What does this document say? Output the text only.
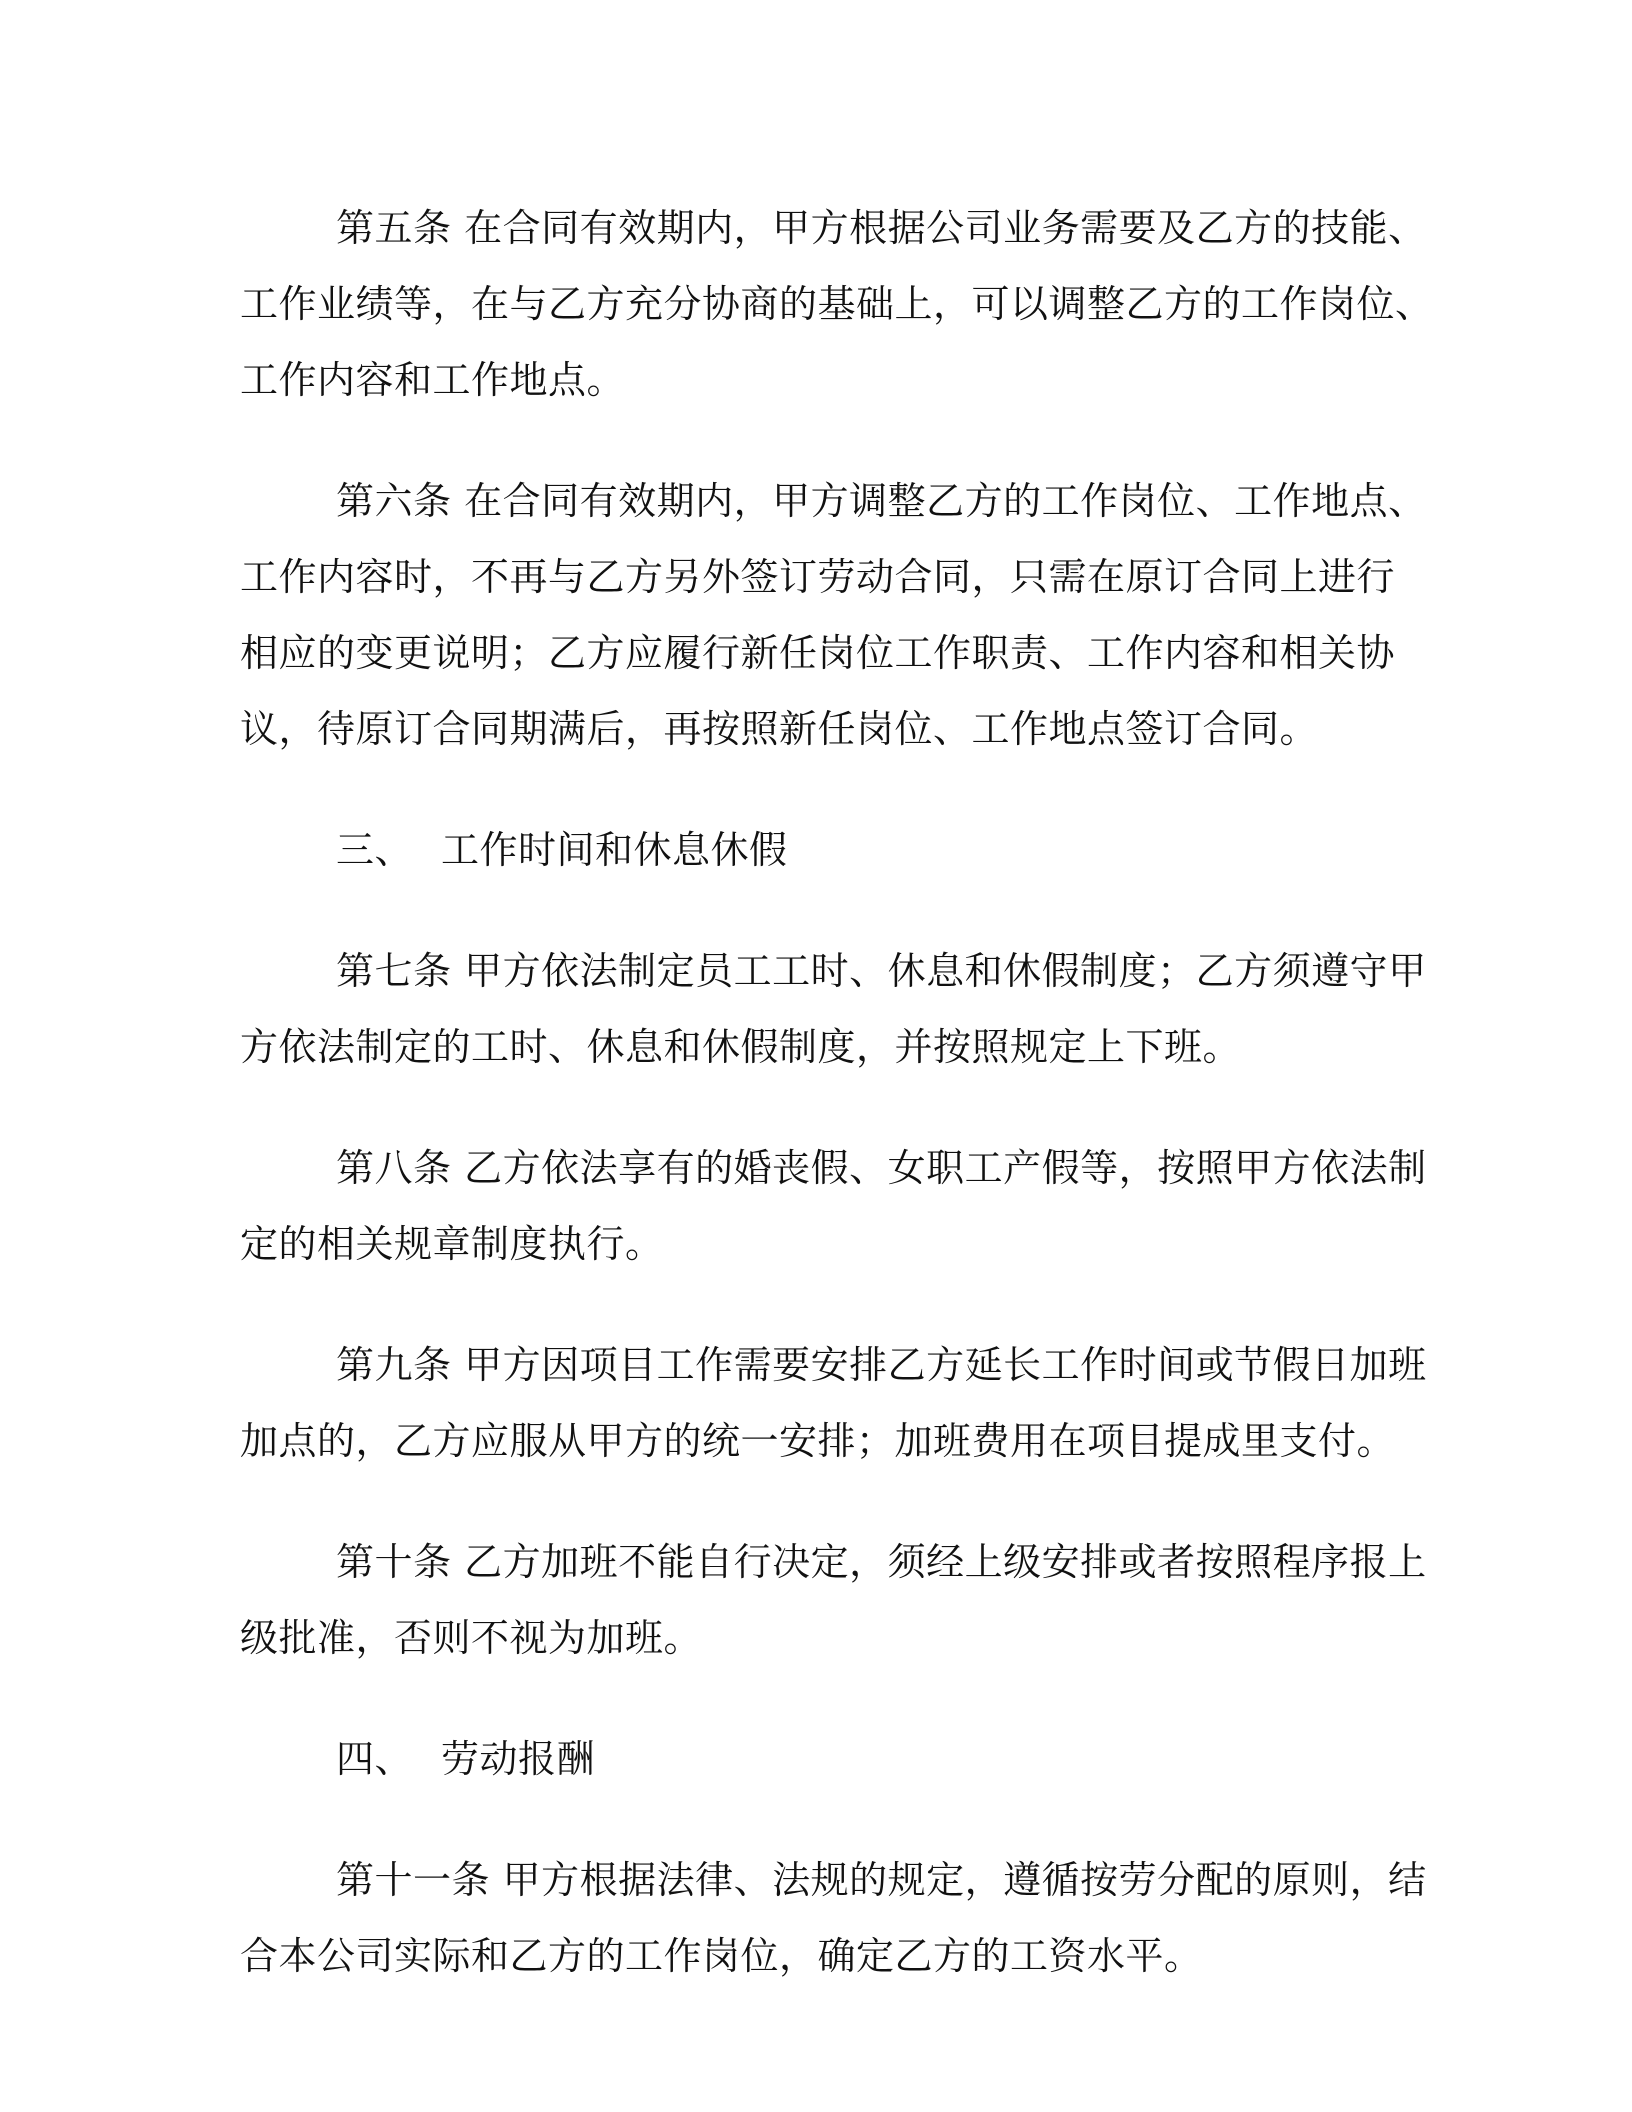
第五条 在合同有效期内，甲方根据公司业务需要及乙方的技能、
工作业绩等，在与乙方充分协商的基础上，可以调整乙方的工作岗位、
工作内容和工作地点。

第六条 在合同有效期内，甲方调整乙方的工作岗位、工作地点、
工作内容时，不再与乙方另外签订劳动合同，只需在原订合同上进行
相应的变更说明；乙方应履行新任岗位工作职责、工作内容和相关协
议，待原订合同期满后，再按照新任岗位、工作地点签订合同。

三、 工作时间和休息休假

第七条 甲方依法制定员工工时、休息和休假制度；乙方须遵守甲
方依法制定的工时、休息和休假制度，并按照规定上下班。

第八条 乙方依法享有的婚丧假、女职工产假等，按照甲方依法制
定的相关规章制度执行。

第九条 甲方因项目工作需要安排乙方延长工作时间或节假日加班
加点的，乙方应服从甲方的统一安排；加班费用在项目提成里支付。

第十条 乙方加班不能自行决定，须经上级安排或者按照程序报上
级批准，否则不视为加班。

四、 劳动报酬

第十一条 甲方根据法律、法规的规定，遵循按劳分配的原则，结
合本公司实际和乙方的工作岗位，确定乙方的工资水平。
